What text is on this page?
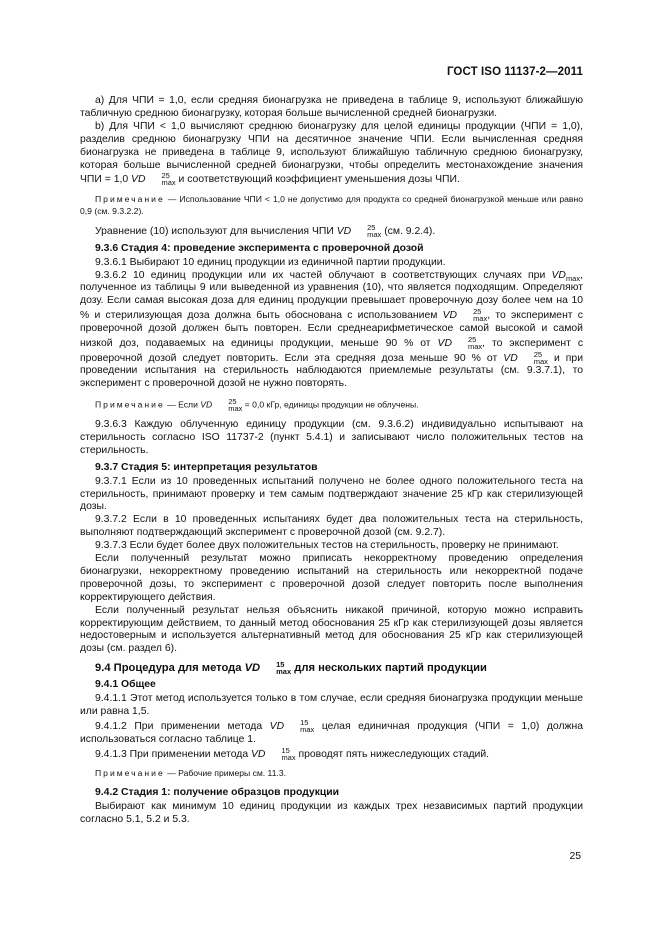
ГОСТ ISO 11137-2—2011

а) Для ЧПИ = 1,0, если средняя бионагрузка не приведена в таблице 9, используют ближайшую табличную среднюю бионагрузку, которая больше вычисленной средней бионагрузки.

b) Для ЧПИ < 1,0 вычисляют среднюю бионагрузку для целой единицы продукции (ЧПИ = 1,0), разделив среднюю бионагрузку ЧПИ на десятичное значение ЧПИ. Если вычисленная средняя бионагрузка не приведена в таблице 9, используют ближайшую табличную среднюю бионагрузку, которая больше вычисленной средней бионагрузки, чтобы определить местонахождение значения ЧПИ = 1,0 VD	25
max и соответствующий коэффициент уменьшения дозы ЧПИ.

Примечание — Использование ЧПИ < 1,0 не допустимо для продукта со средней бионагрузкой меньше или равно 0,9 (см. 9.3.2.2).

Уравнение (10) используют для вычисления ЧПИ VD	25
max (см. 9.2.4).

9.3.6 Стадия 4: проведение эксперимента с проверочной дозой

9.3.6.1 Выбирают 10 единиц продукции из единичной партии продукции.

9.3.6.2 10 единиц продукции или их частей облучают в соответствующих случаях при $VD_{max}$, полученное из таблицы 9 или выведенной из уравнения (10), что является подходящим. Определяют дозу. Если самая высокая доза для единиц продукции превышает проверочную дозу более чем на 10 % и стерилизующая доза должна быть обоснована с использованием VD	25
max , то эксперимент с проверочной дозой должен быть повторен. Если среднеарифметическое самой высокой и самой низкой доз, подаваемых на единицы продукции, меньше 90 % от VD	25
max , то эксперимент с проверочной дозой следует повторить. Если эта средняя доза меньше 90 % от VD	25
max и при проведении испытания на стерильность наблюдаются приемлемые результаты (см. 9.3.7.1), то эксперимент с проверочной дозой не нужно повторять.

Примечание — Если VD	25
max = 0,0 кГр, единицы продукции не облучены.

9.3.6.3 Каждую облученную единицу продукции (см. 9.3.6.2) индивидуально испытывают на стерильность согласно ISO 11737-2 (пункт 5.4.1) и записывают число положительных тестов на стерильность.

9.3.7 Стадия 5: интерпретация результатов

9.3.7.1 Если из 10 проведенных испытаний получено не более одного положительного теста на стерильность, принимают проверку и тем самым подтверждают значение 25 кГр как стерилизующей дозы.

9.3.7.2 Если в 10 проведенных испытаниях будет два положительных теста на стерильность, выполняют подтверждающий эксперимент с проверочной дозой (см. 9.2.7).

9.3.7.3 Если будет более двух положительных тестов на стерильность, проверку не принимают.

Если полученный результат можно приписать некорректному проведению определения бионагрузки, некорректному проведению испытаний на стерильность или некорректной подаче проверочной дозы, то эксперимент с проверочной дозой следует повторить после выполнения корректирующего действия.

Если полученный результат нельзя объяснить никакой причиной, которую можно исправить корректирующим действием, то данный метод обоснования 25 кГр как стерилизующей дозы является недостоверным и используется альтернативный метод для обоснования 25 кГр как стерилизующей дозы (см. раздел 6).

9.4 Процедура для метода VD	15
max для нескольких партий продукции

9.4.1 Общее

9.4.1.1 Этот метод используется только в том случае, если средняя бионагрузка продукции меньше или равна 1,5.

9.4.1.2 При применении метода VD	15
max целая единичная продукция (ЧПИ = 1,0) должна использоваться согласно таблице 1.

9.4.1.3 При применении метода VD	15
max проводят пять нижеследующих стадий.

Примечание — Рабочие примеры см. 11.3.

9.4.2 Стадия 1: получение образцов продукции

Выбирают как минимум 10 единиц продукции из каждых трех независимых партий продукции согласно 5.1, 5.2 и 5.3.

25
